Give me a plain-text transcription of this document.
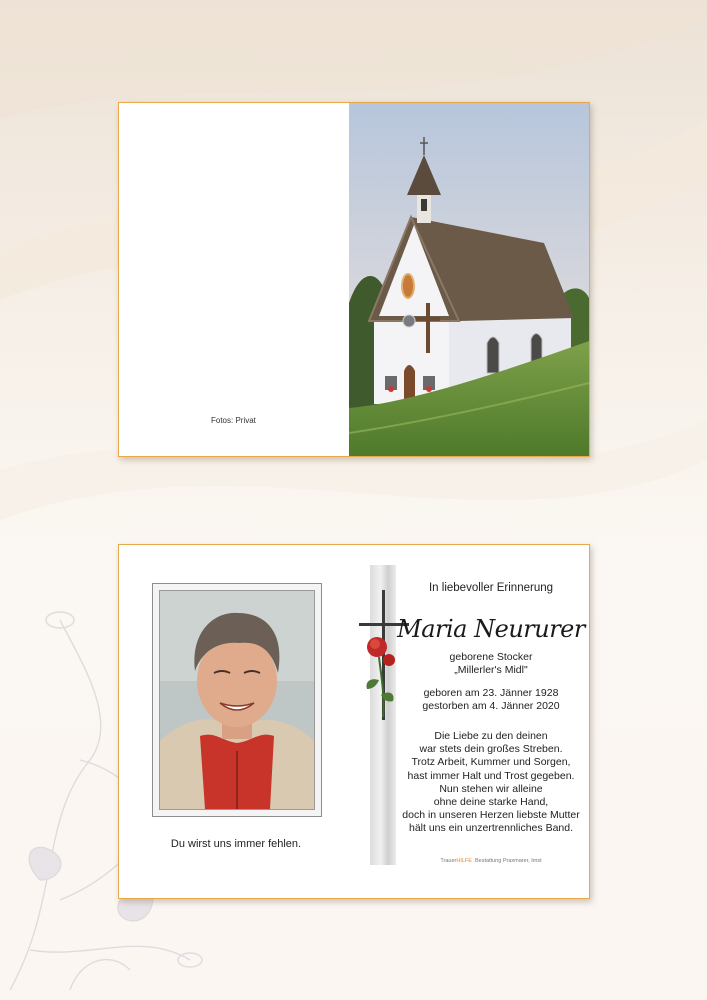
Fotos: Privat
Du wirst uns immer fehlen.
In liebevoller Erinnerung
Maria Neururer
geborene Stocker
„Millerler's Midl"
geboren am 23. Jänner 1928
gestorben am 4. Jänner 2020
Die Liebe zu den deinen
war stets dein großes Streben.
Trotz Arbeit, Kummer und Sorgen,
hast immer Halt und Trost gegeben.
Nun stehen wir alleine
ohne deine starke Hand,
doch in unseren Herzen liebste Mutter
hält uns ein unzertrennliches Band.
TrauerHILFE Bestattung Praxmarer, Imst
